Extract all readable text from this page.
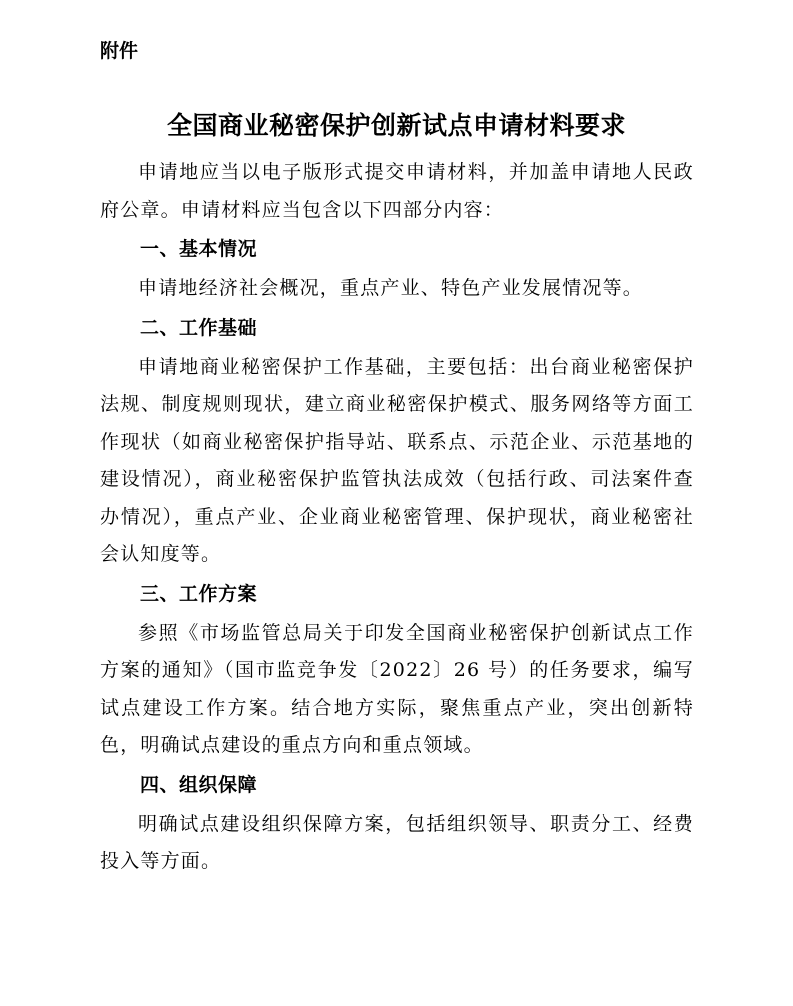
附件
全国商业秘密保护创新试点申请材料要求

申请地应当以电子版形式提交申请材料，并加盖申请地人民政府公章。申请材料应当包含以下四部分内容：

一、基本情况

申请地经济社会概况，重点产业、特色产业发展情况等。

二、工作基础

申请地商业秘密保护工作基础，主要包括：出台商业秘密保护法规、制度规则现状，建立商业秘密保护模式、服务网络等方面工作现状（如商业秘密保护指导站、联系点、示范企业、示范基地的建设情况），商业秘密保护监管执法成效（包括行政、司法案件查办情况），重点产业、企业商业秘密管理、保护现状，商业秘密社会认知度等。

三、工作方案

参照《市场监管总局关于印发全国商业秘密保护创新试点工作方案的通知》（国市监竞争发〔2022〕26 号）的任务要求，编写试点建设工作方案。结合地方实际，聚焦重点产业，突出创新特色，明确试点建设的重点方向和重点领域。

四、组织保障

明确试点建设组织保障方案，包括组织领导、职责分工、经费投入等方面。
